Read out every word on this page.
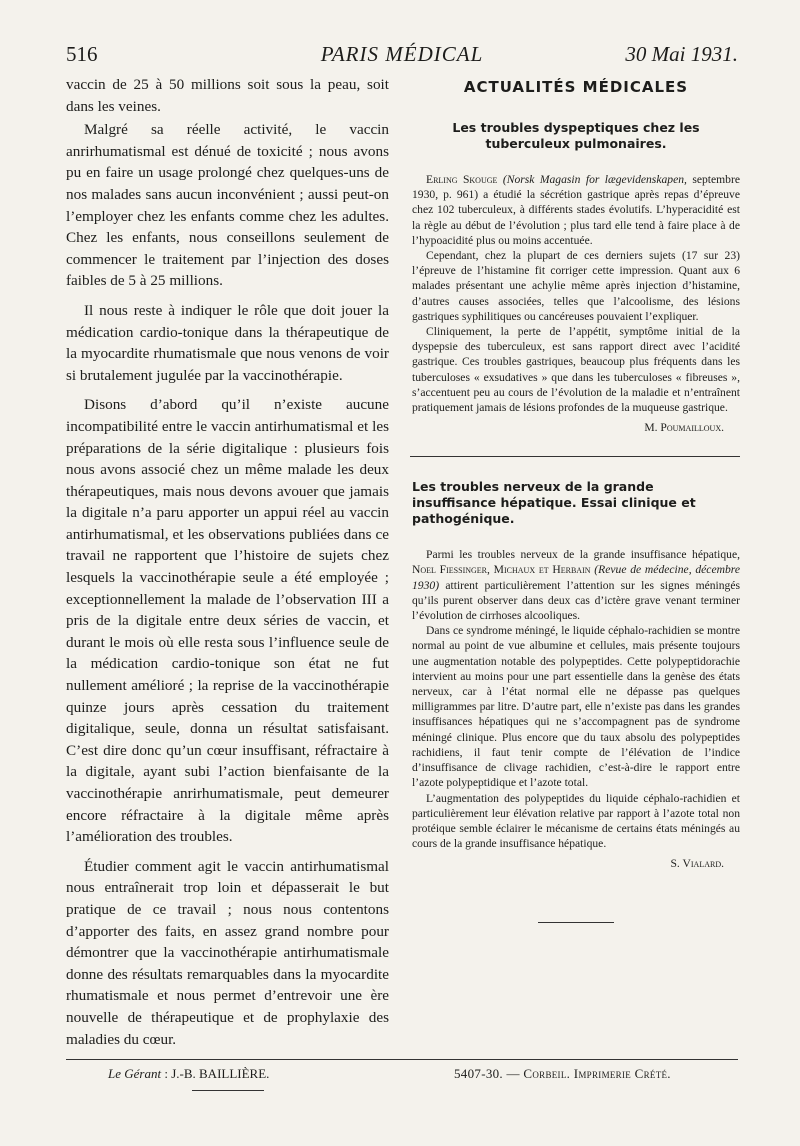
516	PARIS MÉDICAL	30 Mai 1931.

vaccin de 25 à 50 millions soit sous la peau, soit dans les veines.

Malgré sa réelle activité, le vaccin anrirhumatismal est dénué de toxicité ; nous avons pu en faire un usage prolongé chez quelques-uns de nos malades sans aucun inconvénient ; aussi peut-on l’employer chez les enfants comme chez les adultes. Chez les enfants, nous conseillons seulement de commencer le traitement par l’injection des doses faibles de 5 à 25 millions.

Il nous reste à indiquer le rôle que doit jouer la médication cardio-tonique dans la thérapeutique de la myocardite rhumatismale que nous venons de voir si brutalement jugulée par la vaccinothérapie.

Disons d’abord qu’il n’existe aucune incompatibilité entre le vaccin antirhumatismal et les préparations de la série digitalique : plusieurs fois nous avons associé chez un même malade les deux thérapeutiques, mais nous devons avouer que jamais la digitale n’a paru apporter un appui réel au vaccin antirhumatismal, et les observations publiées dans ce travail ne rapportent que l’histoire de sujets chez lesquels la vaccinothérapie seule a été employée ; exceptionnellement la malade de l’observation III a pris de la digitale entre deux séries de vaccin, et durant le mois où elle resta sous l’influence seule de la médication cardio-tonique son état ne fut nullement amélioré ; la reprise de la vaccinothérapie quinze jours après cessation du traitement digitalique, seule, donna un résultat satisfaisant. C’est dire donc qu’un cœur insuffisant, réfractaire à la digitale, ayant subi l’action bienfaisante de la vaccinothérapie anrirhumatismale, peut demeurer encore réfractaire à la digitale même après l’amélioration des troubles.

Étudier comment agit le vaccin antirhumatismal nous entraînerait trop loin et dépasserait le but pratique de ce travail ; nous nous contentons d’apporter des faits, en assez grand nombre pour démontrer que la vaccinothérapie antirhumatismale donne des résultats remarquables dans la myocardite rhumatismale et nous permet d’entrevoir une ère nouvelle de thérapeutique et de prophylaxie des maladies du cœur.

ACTUALITÉS MÉDICALES
Les troubles dyspeptiques chez les tuberculeux pulmonaires.

Erling Skouge (Norsk Magasin for lægevidenskapen, septembre 1930, p. 961) a étudié la sécrétion gastrique après repas d’épreuve chez 102 tuberculeux, à différents stades évolutifs. L’hyperacidité est la règle au début de l’évolution ; plus tard elle tend à faire place à de l’hypoacidité plus ou moins accentuée.

Cependant, chez la plupart de ces derniers sujets (17 sur 23) l’épreuve de l’histamine fit corriger cette impression. Quant aux 6 malades présentant une achylie même après injection d’histamine, d’autres causes associées, telles que l’alcoolisme, des lésions gastriques syphilitiques ou cancéreuses pouvaient l’expliquer.

Cliniquement, la perte de l’appétit, symptôme initial de la dyspepsie des tuberculeux, est sans rapport direct avec l’acidité gastrique. Ces troubles gastriques, beaucoup plus fréquents dans les tuberculoses « exsudatives » que dans les tuberculoses « fibreuses », s’accentuent peu au cours de l’évolution de la maladie et n’entraînent pratiquement jamais de lésions profondes de la muqueuse gastrique.

M. Poumailloux.
Les troubles nerveux de la grande insuffisance hépatique. Essai clinique et pathogénique.

Parmi les troubles nerveux de la grande insuffisance hépatique, Noel Fiessinger, Michaux et Herbain (Revue de médecine, décembre 1930) attirent particulièrement l’attention sur les signes méningés qu’ils purent observer dans deux cas d’ictère grave venant terminer l’évolution de cirrhoses alcooliques.

Dans ce syndrome méningé, le liquide céphalo-rachidien se montre normal au point de vue albumine et cellules, mais présente toujours une augmentation notable des polypeptides. Cette polypeptidorachie intervient au moins pour une part essentielle dans la genèse des états nerveux, car à l’état normal elle ne dépasse pas quelques milligrammes par litre. D’autre part, elle n’existe pas dans les grandes insuffisances hépatiques qui ne s’accompagnent pas de syndrome méningé clinique. Plus encore que du taux absolu des polypeptides rachidiens, il faut tenir compte de l’élévation de l’indice d’insuffisance de clivage rachidien, c’est-à-dire le rapport entre l’azote polypeptidique et l’azote total.

L’augmentation des polypeptides du liquide céphalo-rachidien et particulièrement leur élévation relative par rapport à l’azote total non protéique semble éclairer le mécanisme de certains états méningés au cours de la grande insuffisance hépatique.

S. Vialard.
Le Gérant : J.-B. BAILLIÈRE.	5407-30. — Corbeil. Imprimerie Crété.
